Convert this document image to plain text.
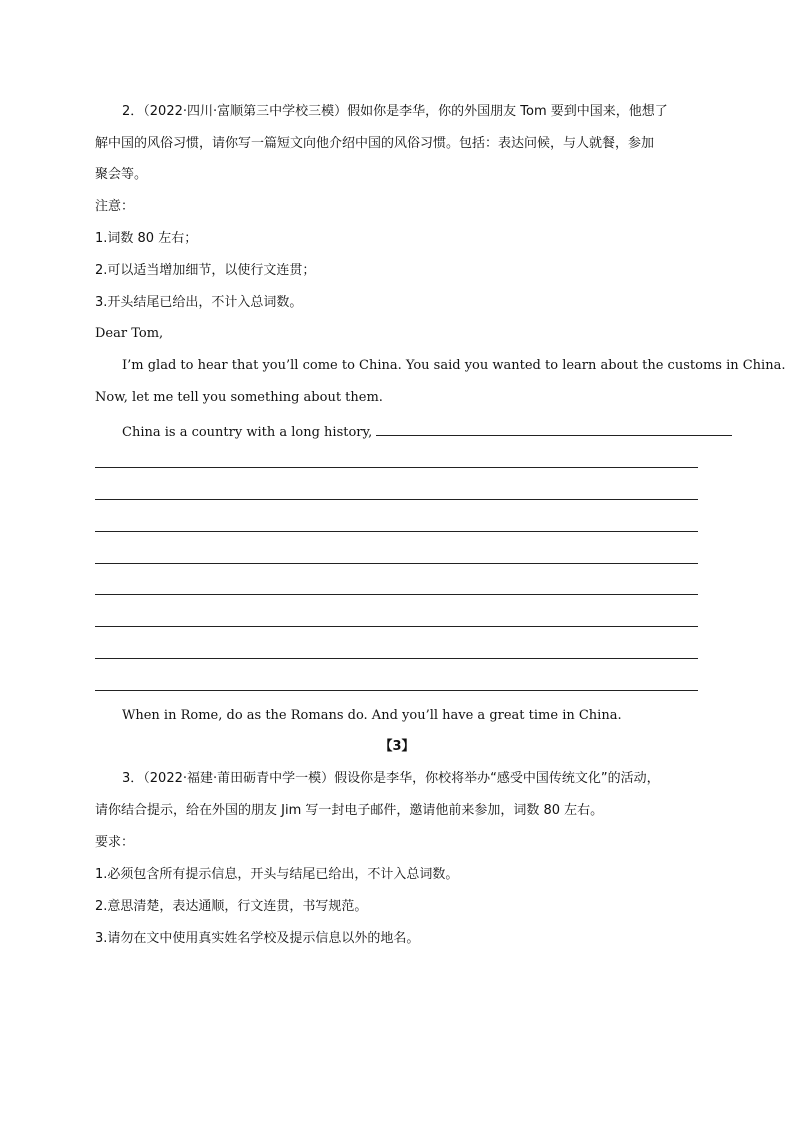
2．（2022·四川·富顺第三中学校三模）假如你是李华，你的外国朋友 Tom 要到中国来，他想了
解中国的风俗习惯，请你写一篇短文向他介绍中国的风俗习惯。包括：表达问候，与人就餐，参加
聚会等。
注意：
1.词数 80 左右；
2.可以适当增加细节，以使行文连贯；
3.开头结尾已给出，不计入总词数。
Dear Tom,
I’m glad to hear that you’ll come to China. You said you wanted to learn about the customs in China.
Now, let me tell you something about them.
China is a country with a long history,
When in Rome, do as the Romans do. And you’ll have a great time in China.
【3】
3．（2022·福建·莆田砺青中学一模）假设你是李华，你校将举办“感受中国传统文化”的活动，
请你结合提示，给在外国的朋友 Jim 写一封电子邮件，邀请他前来参加，词数 80 左右。
要求：
1.必须包含所有提示信息，开头与结尾已给出，不计入总词数。
2.意思清楚，表达通顺，行文连贯，书写规范。
3.请勿在文中使用真实姓名学校及提示信息以外的地名。
